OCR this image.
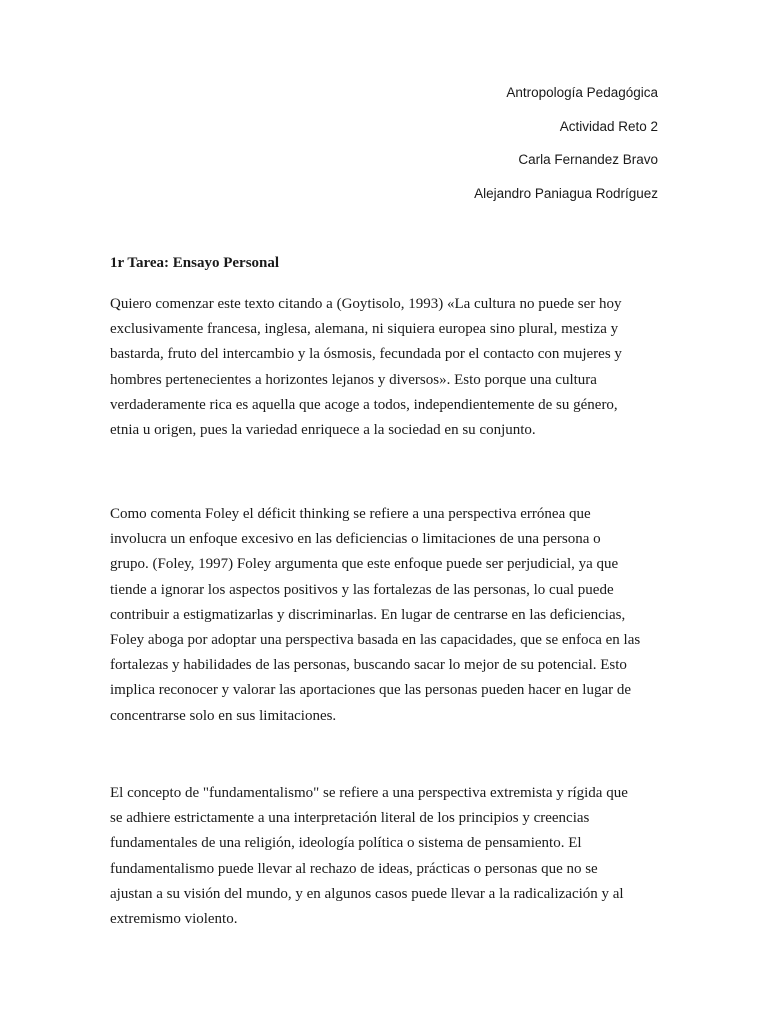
Antropología Pedagógica
Actividad Reto 2
Carla Fernandez Bravo
Alejandro Paniagua Rodríguez
1r Tarea: Ensayo Personal

Quiero comenzar este texto citando a (Goytisolo, 1993) «La cultura no puede ser hoy
exclusivamente francesa, inglesa, alemana, ni siquiera europea sino plural, mestiza y
bastarda, fruto del intercambio y la ósmosis, fecundada por el contacto con mujeres y
hombres pertenecientes a horizontes lejanos y diversos». Esto porque una cultura
verdaderamente rica es aquella que acoge a todos, independientemente de su género,
etnia u origen, pues la variedad enriquece a la sociedad en su conjunto.

Como comenta Foley el déficit thinking se refiere a una perspectiva errónea que
involucra un enfoque excesivo en las deficiencias o limitaciones de una persona o
grupo. (Foley, 1997) Foley argumenta que este enfoque puede ser perjudicial, ya que
tiende a ignorar los aspectos positivos y las fortalezas de las personas, lo cual puede
contribuir a estigmatizarlas y discriminarlas. En lugar de centrarse en las deficiencias,
Foley aboga por adoptar una perspectiva basada en las capacidades, que se enfoca en las
fortalezas y habilidades de las personas, buscando sacar lo mejor de su potencial. Esto
implica reconocer y valorar las aportaciones que las personas pueden hacer en lugar de
concentrarse solo en sus limitaciones.

El concepto de "fundamentalismo" se refiere a una perspectiva extremista y rígida que
se adhiere estrictamente a una interpretación literal de los principios y creencias
fundamentales de una religión, ideología política o sistema de pensamiento. El
fundamentalismo puede llevar al rechazo de ideas, prácticas o personas que no se
ajustan a su visión del mundo, y en algunos casos puede llevar a la radicalización y al
extremismo violento.
